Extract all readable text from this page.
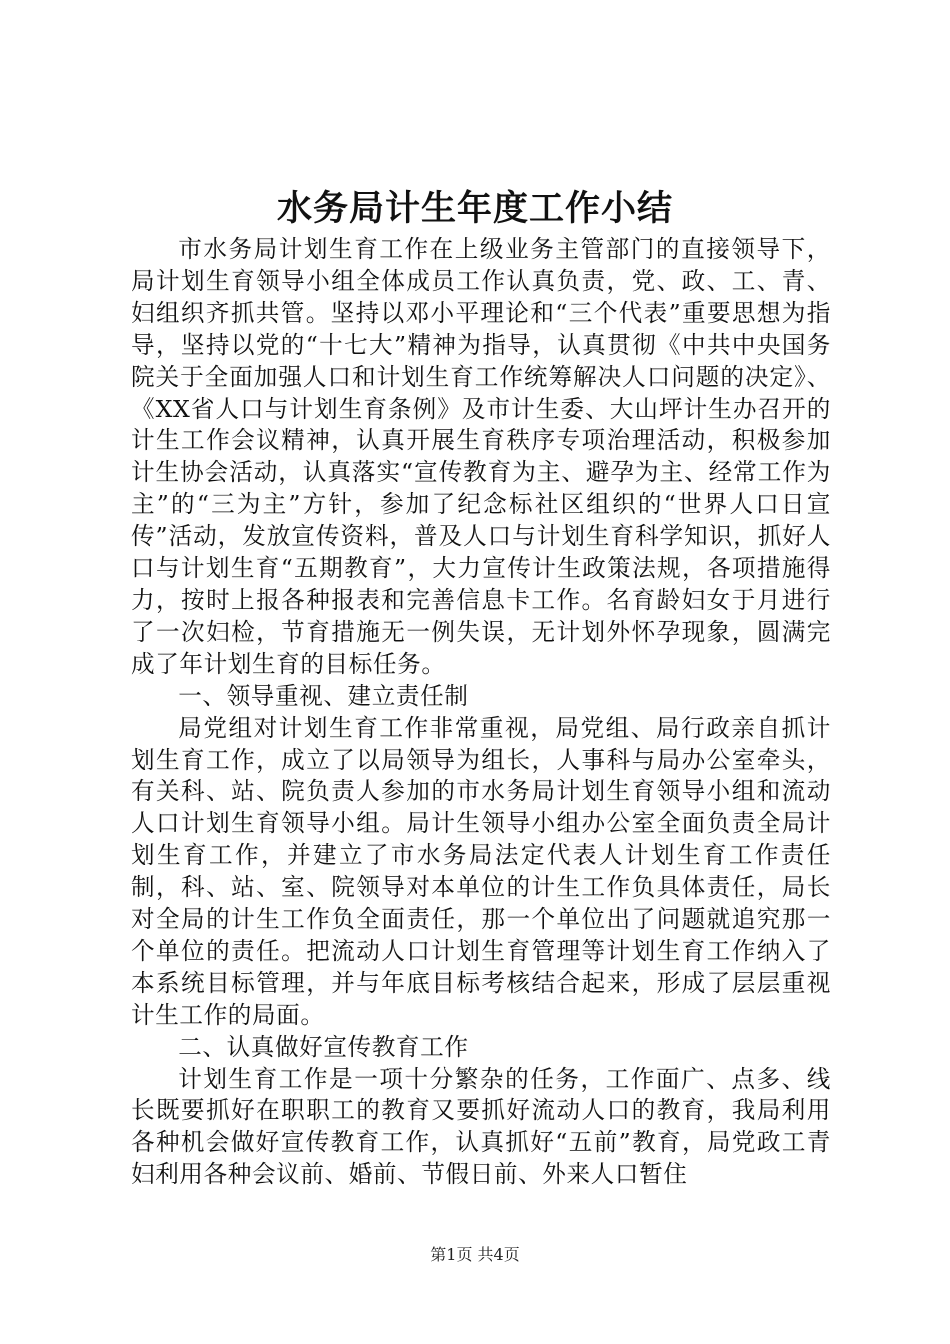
水务局计生年度工作小结

市水务局计划生育工作在上级业务主管部门的直接领导下，局计划生育领导小组全体成员工作认真负责，党、政、工、青、妇组织齐抓共管。坚持以邓小平理论和“三个代表”重要思想为指导，坚持以党的“十七大”精神为指导，认真贯彻《中共中央国务院关于全面加强人口和计划生育工作统筹解决人口问题的决定》、《XX省人口与计划生育条例》及市计生委、大山坪计生办召开的计生工作会议精神，认真开展生育秩序专项治理活动，积极参加计生协会活动，认真落实“宣传教育为主、避孕为主、经常工作为主”的“三为主”方针，参加了纪念标社区组织的“世界人口日宣传”活动，发放宣传资料，普及人口与计划生育科学知识，抓好人口与计划生育“五期教育”，大力宣传计生政策法规，各项措施得力，按时上报各种报表和完善信息卡工作。名育龄妇女于月进行了一次妇检，节育措施无一例失误，无计划外怀孕现象，圆满完成了年计划生育的目标任务。

一、领导重视、建立责任制

局党组对计划生育工作非常重视，局党组、局行政亲自抓计划生育工作，成立了以局领导为组长，人事科与局办公室牵头，有关科、站、院负责人参加的市水务局计划生育领导小组和流动人口计划生育领导小组。局计生领导小组办公室全面负责全局计划生育工作，并建立了市水务局法定代表人计划生育工作责任制，科、站、室、院领导对本单位的计生工作负具体责任，局长对全局的计生工作负全面责任，那一个单位出了问题就追究那一个单位的责任。把流动人口计划生育管理等计划生育工作纳入了本系统目标管理，并与年底目标考核结合起来，形成了层层重视计生工作的局面。

二、认真做好宣传教育工作

计划生育工作是一项十分繁杂的任务，工作面广、点多、线长既要抓好在职职工的教育又要抓好流动人口的教育，我局利用各种机会做好宣传教育工作，认真抓好“五前”教育，局党政工青妇利用各种会议前、婚前、节假日前、外来人口暂住

第1页 共4页
